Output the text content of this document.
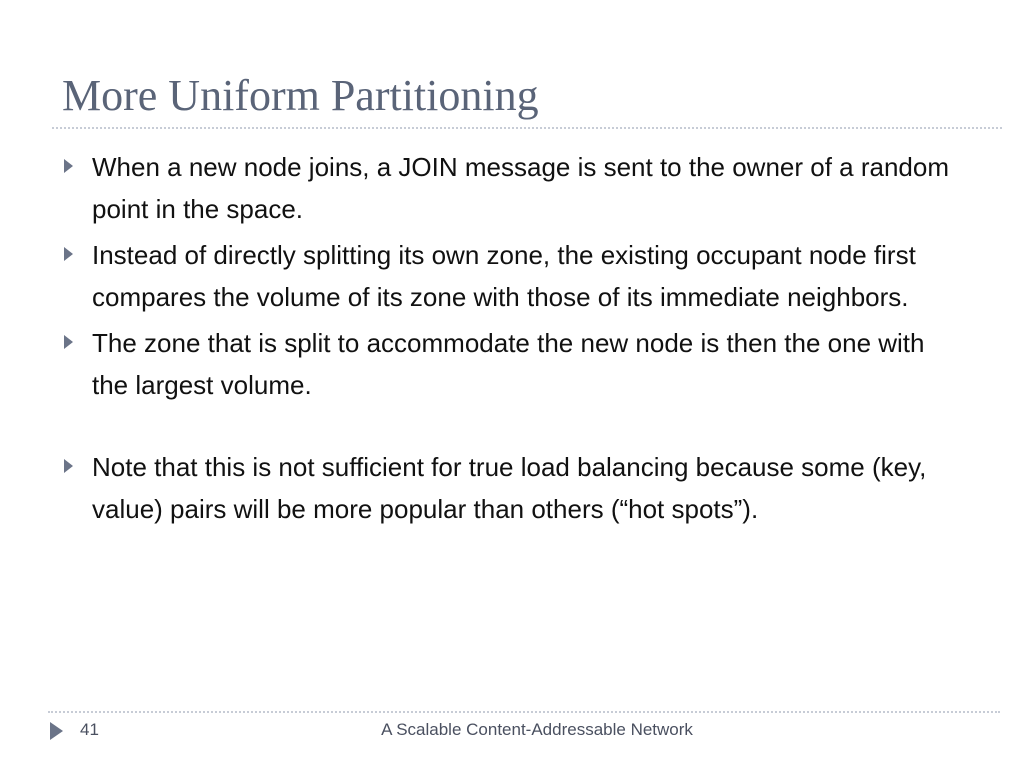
More Uniform Partitioning
When a new node joins, a JOIN message is sent to the owner of a random point in the space.
Instead of directly splitting its own zone, the existing occupant node first compares the volume of its zone with those of its immediate neighbors.
The zone that is split to accommodate the new node is then the one with the largest volume.
Note that this is not sufficient for true load balancing because some (key, value) pairs will be more popular than others (“hot spots”).
41	A Scalable Content-Addressable Network
